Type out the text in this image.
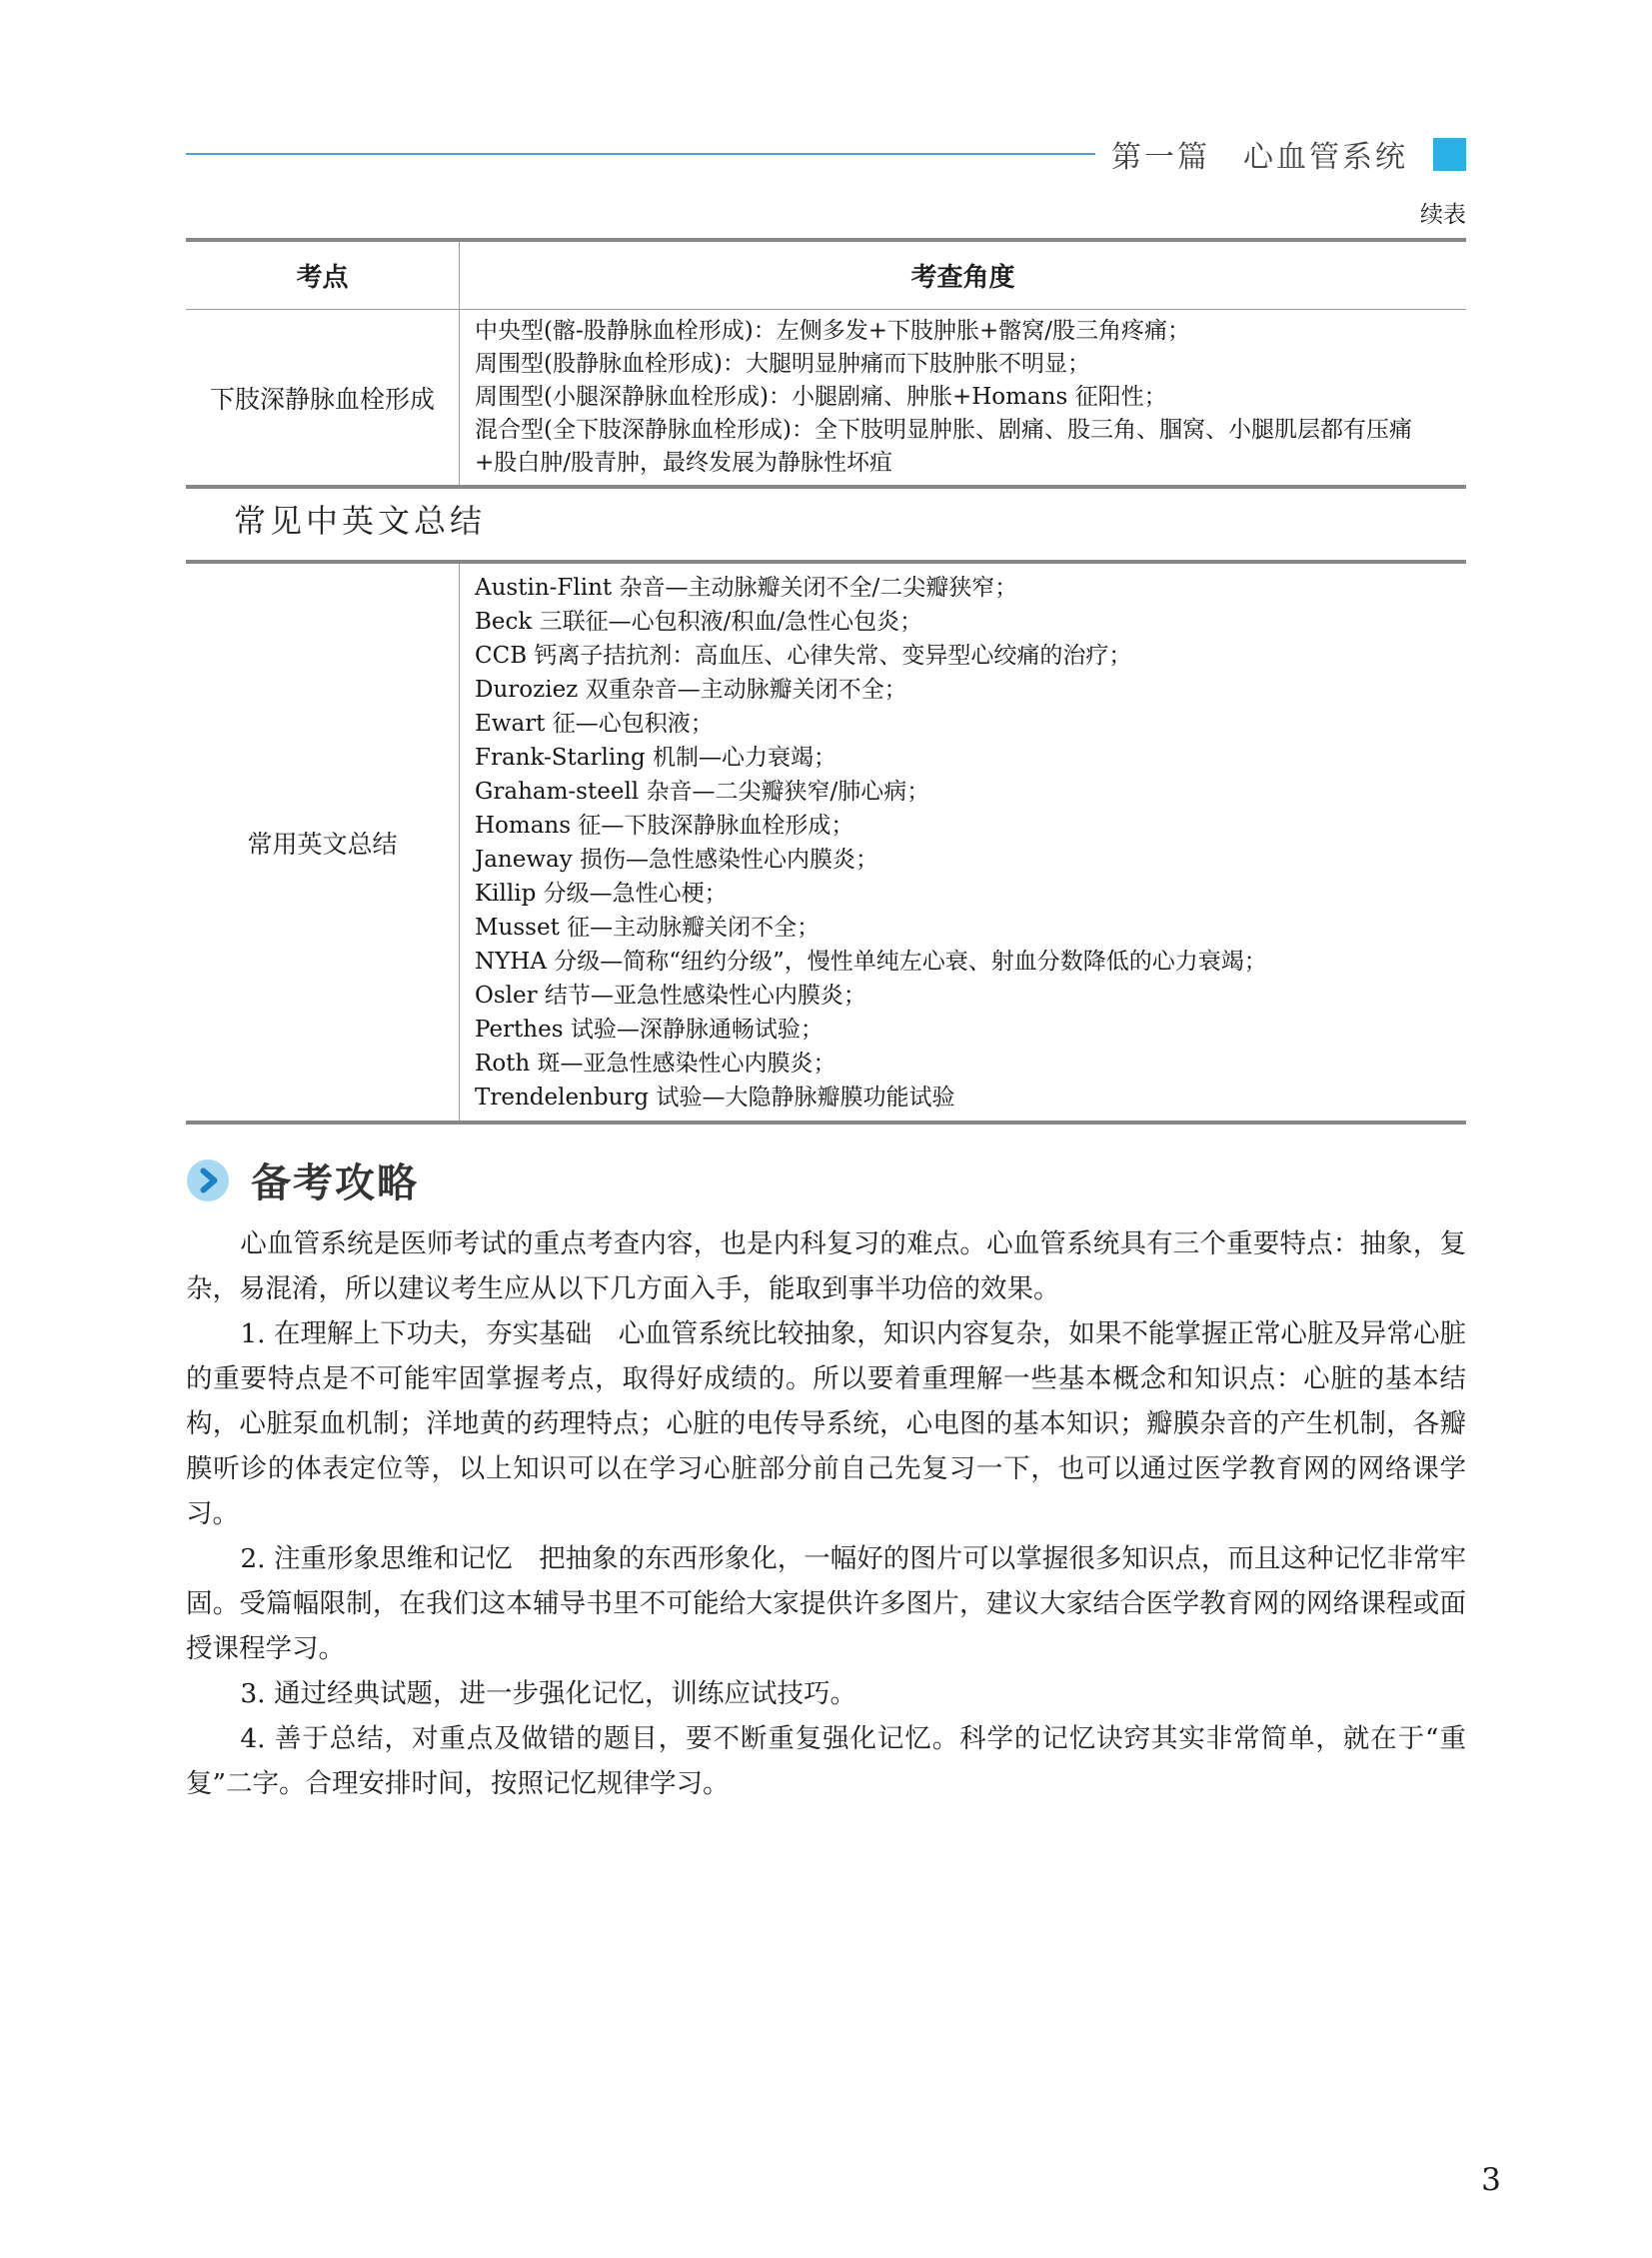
第一篇　心血管系统
续表
考点	考查角度
下肢深静脉血栓形成

中央型(髂-股静脉血栓形成)：左侧多发+下肢肿胀+髂窝/股三角疼痛；

周围型(股静脉血栓形成)：大腿明显肿痛而下肢肿胀不明显；

周围型(小腿深静脉血栓形成)：小腿剧痛、肿胀+Homans 征阳性；

混合型(全下肢深静脉血栓形成)：全下肢明显肿胀、剧痛、股三角、腘窝、小腿肌层都有压痛+股白肿/股青肿，最终发展为静脉性坏疽

常见中英文总结
常用英文总结

Austin-Flint 杂音—主动脉瓣关闭不全/二尖瓣狭窄；

Beck 三联征—心包积液/积血/急性心包炎；

CCB 钙离子拮抗剂：高血压、心律失常、变异型心绞痛的治疗；

Duroziez 双重杂音—主动脉瓣关闭不全；

Ewart 征—心包积液；

Frank-Starling 机制—心力衰竭；

Graham-steell 杂音—二尖瓣狭窄/肺心病；

Homans 征—下肢深静脉血栓形成；

Janeway 损伤—急性感染性心内膜炎；

Killip 分级—急性心梗；

Musset 征—主动脉瓣关闭不全；

NYHA 分级—简称“纽约分级”，慢性单纯左心衰、射血分数降低的心力衰竭；

Osler 结节—亚急性感染性心内膜炎；

Perthes 试验—深静脉通畅试验；

Roth 斑—亚急性感染性心内膜炎；

Trendelenburg 试验—大隐静脉瓣膜功能试验

备考攻略

心血管系统是医师考试的重点考查内容，也是内科复习的难点。心血管系统具有三个重要特点：抽象，复杂，易混淆，所以建议考生应从以下几方面入手，能取到事半功倍的效果。

1. 在理解上下功夫，夯实基础　心血管系统比较抽象，知识内容复杂，如果不能掌握正常心脏及异常心脏的重要特点是不可能牢固掌握考点，取得好成绩的。所以要着重理解一些基本概念和知识点：心脏的基本结构，心脏泵血机制；洋地黄的药理特点；心脏的电传导系统，心电图的基本知识；瓣膜杂音的产生机制，各瓣膜听诊的体表定位等，以上知识可以在学习心脏部分前自己先复习一下，也可以通过医学教育网的网络课学习。

2. 注重形象思维和记忆　把抽象的东西形象化，一幅好的图片可以掌握很多知识点，而且这种记忆非常牢固。受篇幅限制，在我们这本辅导书里不可能给大家提供许多图片，建议大家结合医学教育网的网络课程或面授课程学习。

3. 通过经典试题，进一步强化记忆，训练应试技巧。

4. 善于总结，对重点及做错的题目，要不断重复强化记忆。科学的记忆诀窍其实非常简单，就在于“重复”二字。合理安排时间，按照记忆规律学习。

3
